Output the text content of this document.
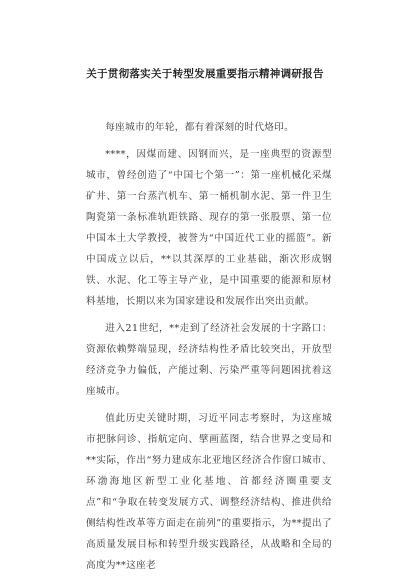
关于贯彻落实关于转型发展重要指示精神调研报告

每座城市的年轮，都有着深刻的时代烙印。

****，因煤而建、因钢而兴，是一座典型的资源型城市，曾经创造了“中国七个第一”：第一座机械化采煤矿井、第一台蒸汽机车、第一桶机制水泥、第一件卫生陶瓷第一条标准轨距铁路、现存的第一张股票、第一位中国本土大学教授，被誉为“中国近代工业的摇篮”。新中国成立以后，**以其深厚的工业基础，渐次形成钢铁、水泥、化工等主导产业，是中国重要的能源和原材料基地，长期以来为国家建设和发展作出突出贡献。

进入21世纪，**走到了经济社会发展的十字路口：资源依赖弊端显现，经济结构性矛盾比较突出，开放型经济竞争力偏低，产能过剩、污染严重等问题困扰着这座城市。

值此历史关键时期，习近平同志考察时，为这座城市把脉问诊、指航定向、擘画蓝图，结合世界之变局和**实际，作出“努力建成东北亚地区经济合作窗口城市、环渤海地区新型工业化基地、首都经济圈重要支点”和“争取在转变发展方式、调整经济结构、推进供给侧结构性改革等方面走在前列”的重要指示，为**提出了高质量发展目标和转型升级实践路径，从战略和全局的高度为**这座老
